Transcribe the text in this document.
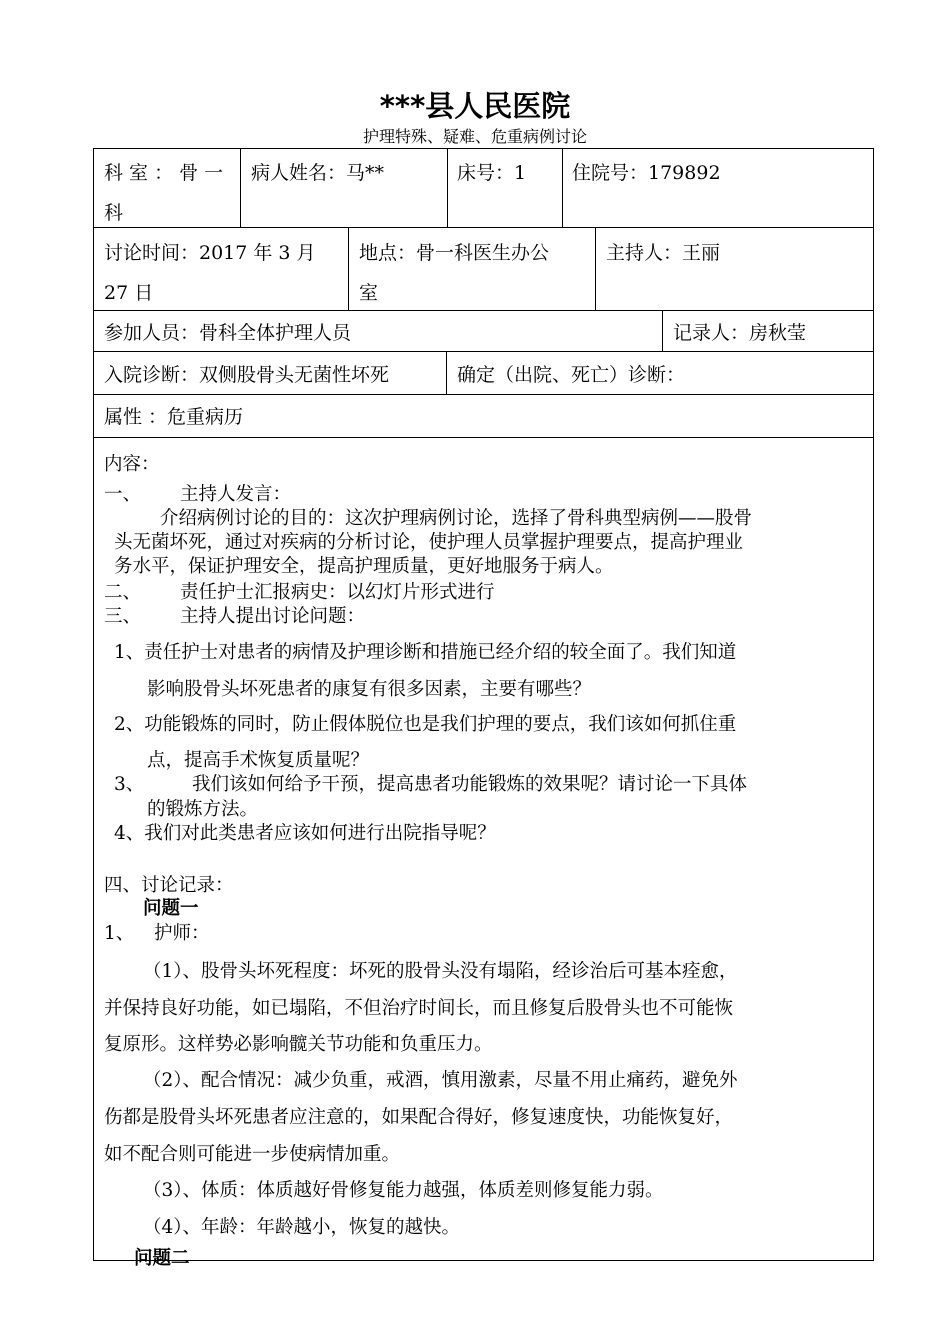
***县人民医院
护理特殊、疑难、危重病例讨论
科 室 ： 骨 一
科
病人姓名：马**	床号：1 住院号：179892
讨论时间：2017 年 3 月
27 日
地点：骨一科医生办公
室
主持人：王丽
参加人员：骨科全体护理人员	记录人：房秋莹
入院诊断：双侧股骨头无菌性坏死	确定（出院、死亡）诊断：
属性 ：危重病历
内容：
一、 主持人发言：
介绍病例讨论的目的：这次护理病例讨论，选择了骨科典型病例——股骨
头无菌坏死，通过对疾病的分析讨论，使护理人员掌握护理要点，提高护理业
务水平，保证护理安全，提高护理质量，更好地服务于病人。
二、 责任护士汇报病史：以幻灯片形式进行
三、 主持人提出讨论问题：
1、责任护士对患者的病情及护理诊断和措施已经介绍的较全面了。我们知道
影响股骨头坏死患者的康复有很多因素，主要有哪些？
2、功能锻炼的同时，防止假体脱位也是我们护理的要点，我们该如何抓住重
点，提高手术恢复质量呢？
3、	我们该如何给予干预，提高患者功能锻炼的效果呢？请讨论一下具体
的锻炼方法。
4、我们对此类患者应该如何进行出院指导呢？
四、讨论记录：
问题一
1、 护师：
（1）、股骨头坏死程度：坏死的股骨头没有塌陷，经诊治后可基本痊愈，
并保持良好功能，如已塌陷，不但治疗时间长，而且修复后股骨头也不可能恢
复原形。这样势必影响髋关节功能和负重压力。
（2）、配合情况：减少负重，戒酒，慎用激素，尽量不用止痛药，避免外
伤都是股骨头坏死患者应注意的，如果配合得好，修复速度快，功能恢复好，
如不配合则可能进一步使病情加重。
（3）、体质：体质越好骨修复能力越强，体质差则修复能力弱。
（4）、年龄：年龄越小，恢复的越快。
问题二
